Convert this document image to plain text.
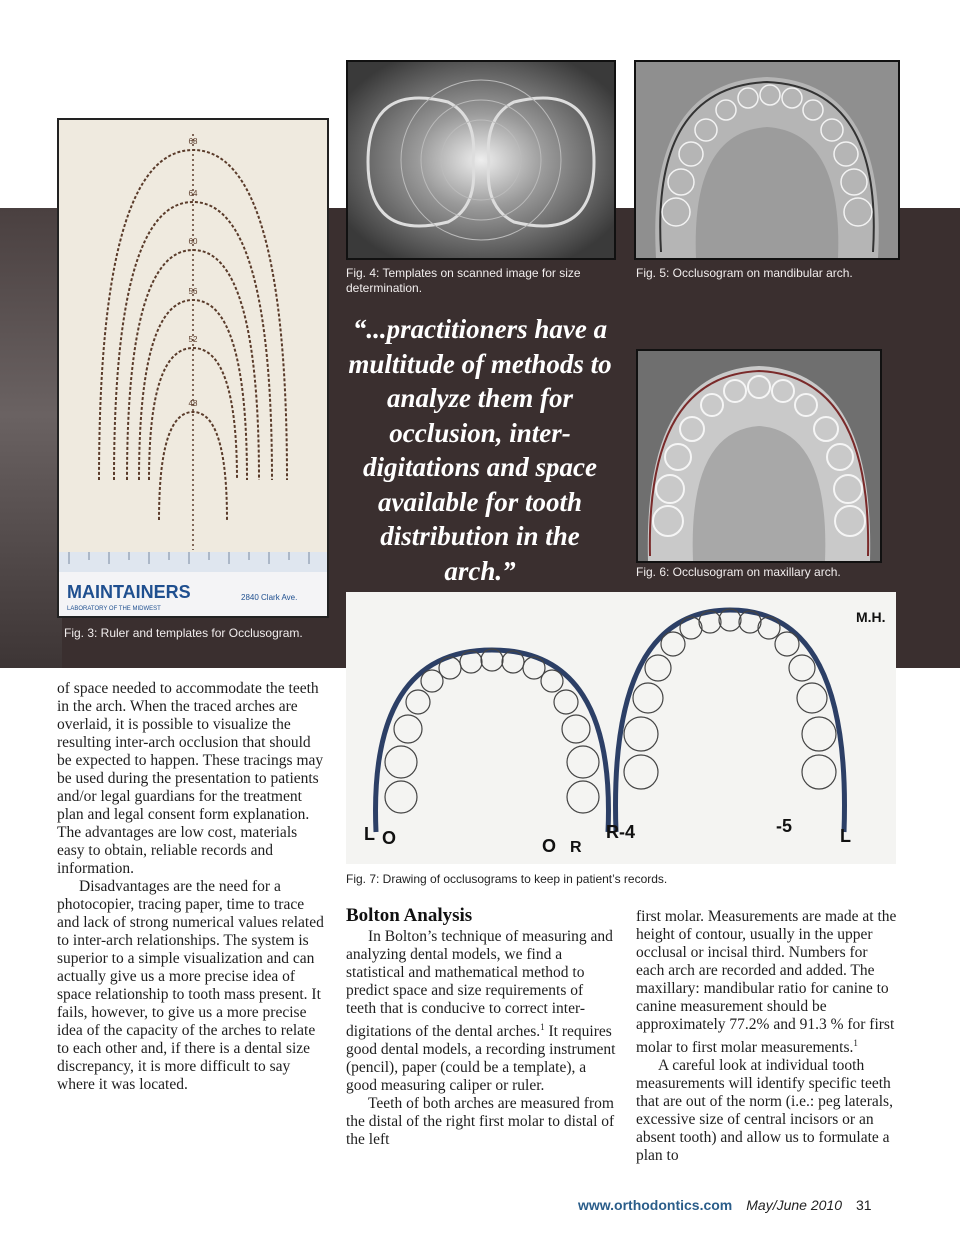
68
64
60
56
52
48
MAINTAINERS
LABORATORY OF THE MIDWEST
2840 Clark Ave.
Fig. 3: Ruler and templates for Occlusogram.
Fig. 4: Templates on scanned image for size determination.
Fig. 5: Occlusogram on mandibular arch.
“...practitioners have a multitude of methods to analyze them for occlusion, inter-digitations and space available for tooth distribution in the arch.”	Fig. 6: Occlusogram on maxillary arch.
M.H.
L O	O R
R-4	-5	L
Fig. 7: Drawing of occlusograms to keep in patient’s records.

of space needed to accommodate the teeth in the arch. When the traced arches are overlaid, it is possible to visualize the resulting inter-arch occlusion that should be expected to happen. These tracings may be used during the presentation to patients and/or legal guardians for the treatment plan and legal consent form explanation. The advantages are low cost, materials easy to obtain, reliable records and information.

Disadvantages are the need for a photocopier, tracing paper, time to trace and lack of strong numerical values related to inter-arch relationships. The system is superior to a simple visualization and can actually give us a more precise idea of space relationship to tooth mass present. It fails, however, to give us a more precise idea of the capacity of the arches to relate to each other and, if there is a dental size discrepancy, it is more difficult to say where it was located.

Bolton Analysis

In Bolton’s technique of measuring and analyzing dental models, we find a statistical and mathematical method to predict space and size requirements of teeth that is conducive to correct inter-digitations of the dental arches.$^1$ It requires good dental models, a recording instrument (pencil), paper (could be a template), a good measuring caliper or ruler.

Teeth of both arches are measured from the distal of the right first molar to distal of the left

first molar. Measurements are made at the height of contour, usually in the upper occlusal or incisal third. Numbers for each arch are recorded and added. The maxillary: mandibular ratio for canine to canine measurement should be approximately 77.2% and 91.3 % for first molar to first molar measurements.$^1$

A careful look at individual tooth measurements will identify specific teeth that are out of the norm (i.e.: peg laterals, excessive size of central incisors or an absent tooth) and allow us to formulate a plan to

www.orthodontics.com May/June 2010 31
